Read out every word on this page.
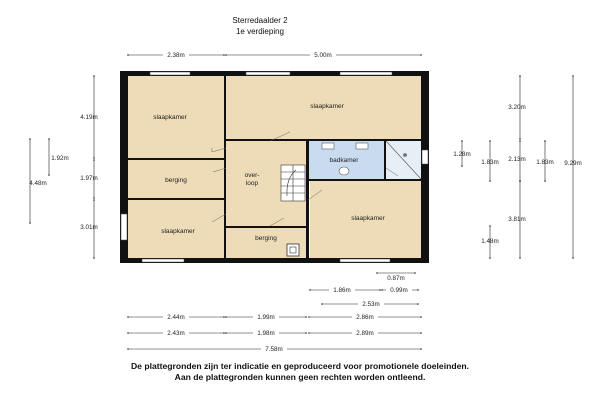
Sterredaalder 2
1e verdieping
slaapkamer
slaapkamer
berging
slaapkamer
over-
loop
badkamer
slaapkamer
berging
2.38m	5.00m
4.19m
1.92m
1.97m
4.48m
3.01m
3.20m
1.28m
1.83m 2.13m 1.83m 9.29m
3.81m
1.48m
0.87m
1.86m	0.99m
2.53m
2.44m	1.99m	2.86m
2.43m	1.98m	2.89m
7.58m
De plattegronden zijn ter indicatie en geproduceerd voor promotionele doeleinden.
Aan de plattegronden kunnen geen rechten worden ontleend.
